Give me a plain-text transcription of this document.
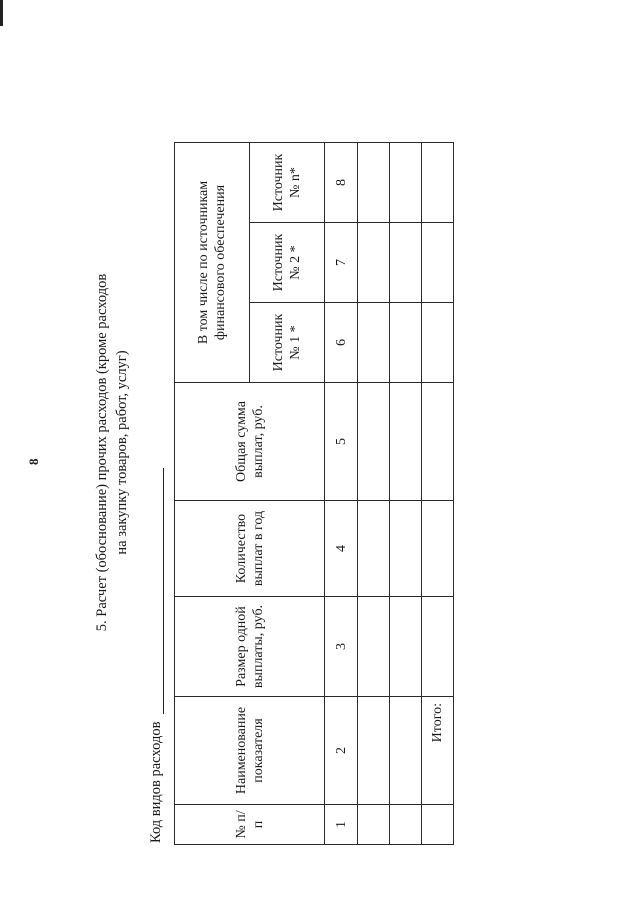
8	5. Расчет (обоснование) прочих расходов (кроме расходов на закупку товаров, работ, услуг)
Код видов расходов	№ п/п	Наименование показателя	Размер одной выплаты, руб.	Количество выплат в год	Общая сумма выплат, руб.	В том числе по источникам финансового обеспечения		
					Источник № 1 *	Источник № 2 *	Источник № n*
1	2	3	4	5	6	7	8

	Итого:						
